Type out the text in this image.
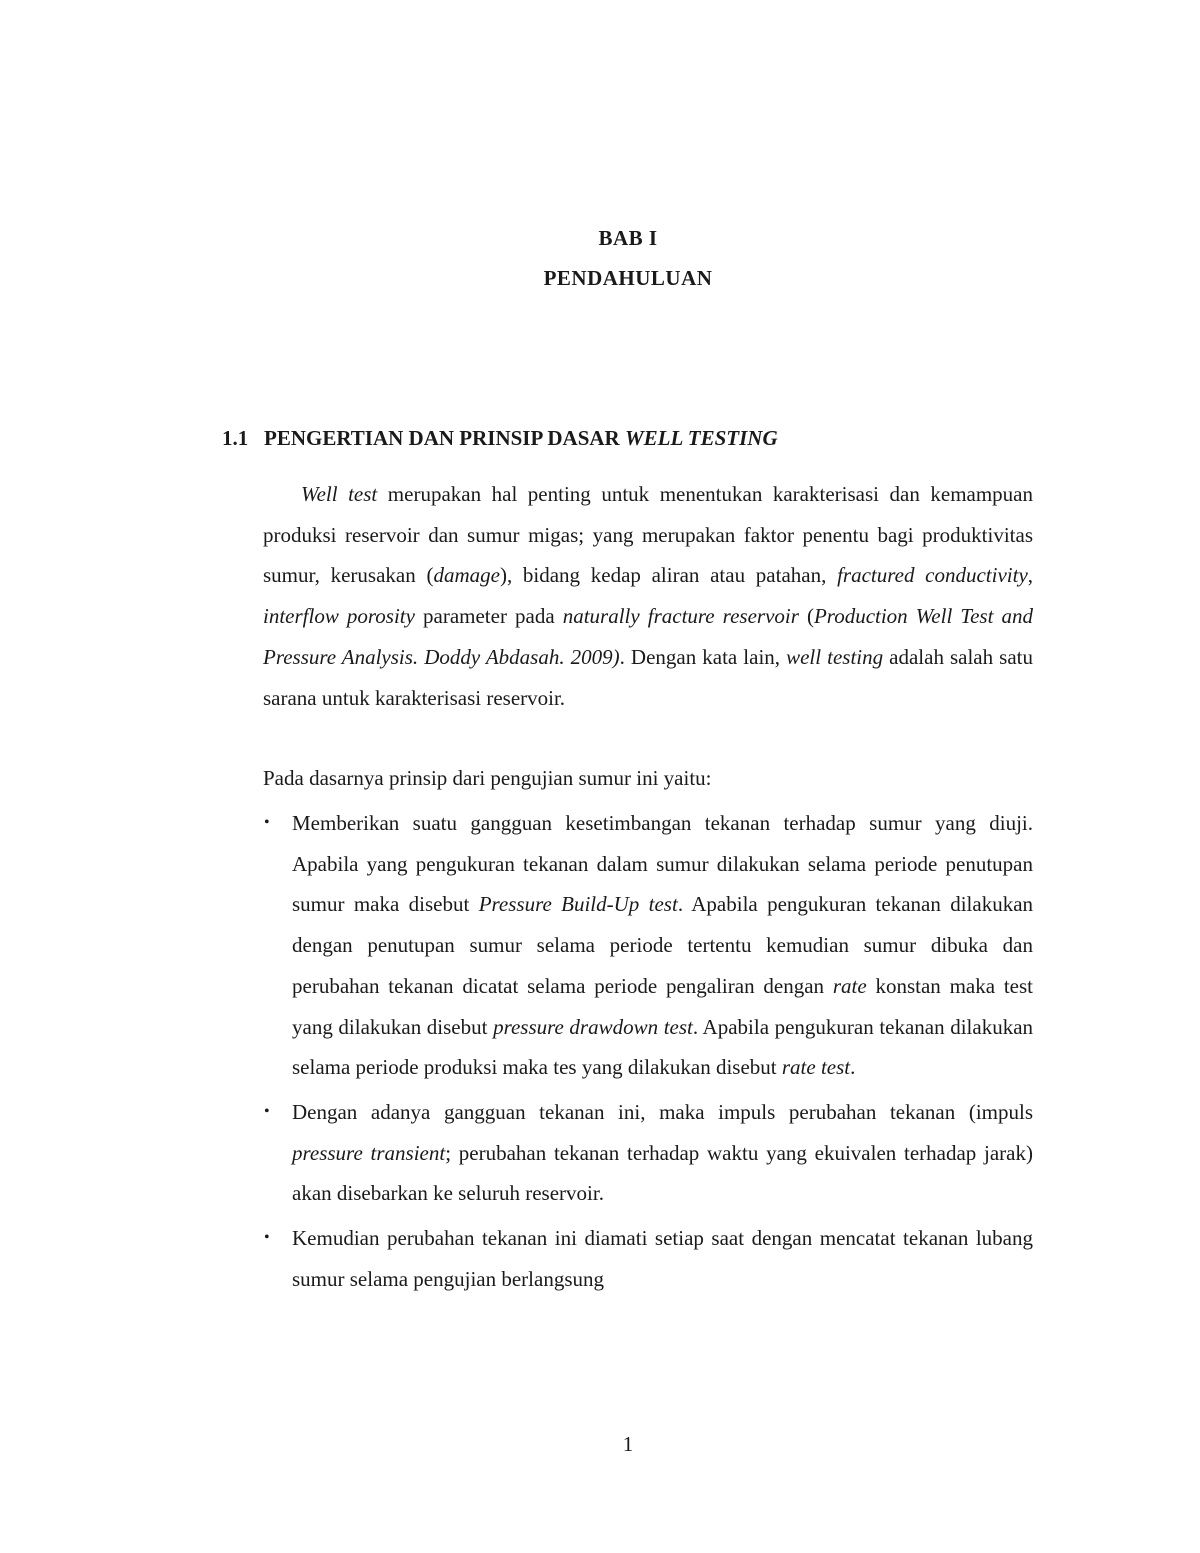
BAB I
PENDAHULUAN
1.1 PENGERTIAN DAN PRINSIP DASAR WELL TESTING
Well test merupakan hal penting untuk menentukan karakterisasi dan kemampuan produksi reservoir dan sumur migas; yang merupakan faktor penentu bagi produktivitas sumur, kerusakan (damage), bidang kedap aliran atau patahan, fractured conductivity, interflow porosity parameter pada naturally fracture reservoir (Production Well Test and Pressure Analysis. Doddy Abdasah. 2009). Dengan kata lain, well testing adalah salah satu sarana untuk karakterisasi reservoir.
Pada dasarnya prinsip dari pengujian sumur ini yaitu:
• Memberikan suatu gangguan kesetimbangan tekanan terhadap sumur yang diuji. Apabila yang pengukuran tekanan dalam sumur dilakukan selama periode penutupan sumur maka disebut Pressure Build-Up test. Apabila pengukuran tekanan dilakukan dengan penutupan sumur selama periode tertentu kemudian sumur dibuka dan perubahan tekanan dicatat selama periode pengaliran dengan rate konstan maka test yang dilakukan disebut pressure drawdown test. Apabila pengukuran tekanan dilakukan selama periode produksi maka tes yang dilakukan disebut rate test.
• Dengan adanya gangguan tekanan ini, maka impuls perubahan tekanan (impuls pressure transient; perubahan tekanan terhadap waktu yang ekuivalen terhadap jarak) akan disebarkan ke seluruh reservoir.
• Kemudian perubahan tekanan ini diamati setiap saat dengan mencatat tekanan lubang sumur selama pengujian berlangsung
1
